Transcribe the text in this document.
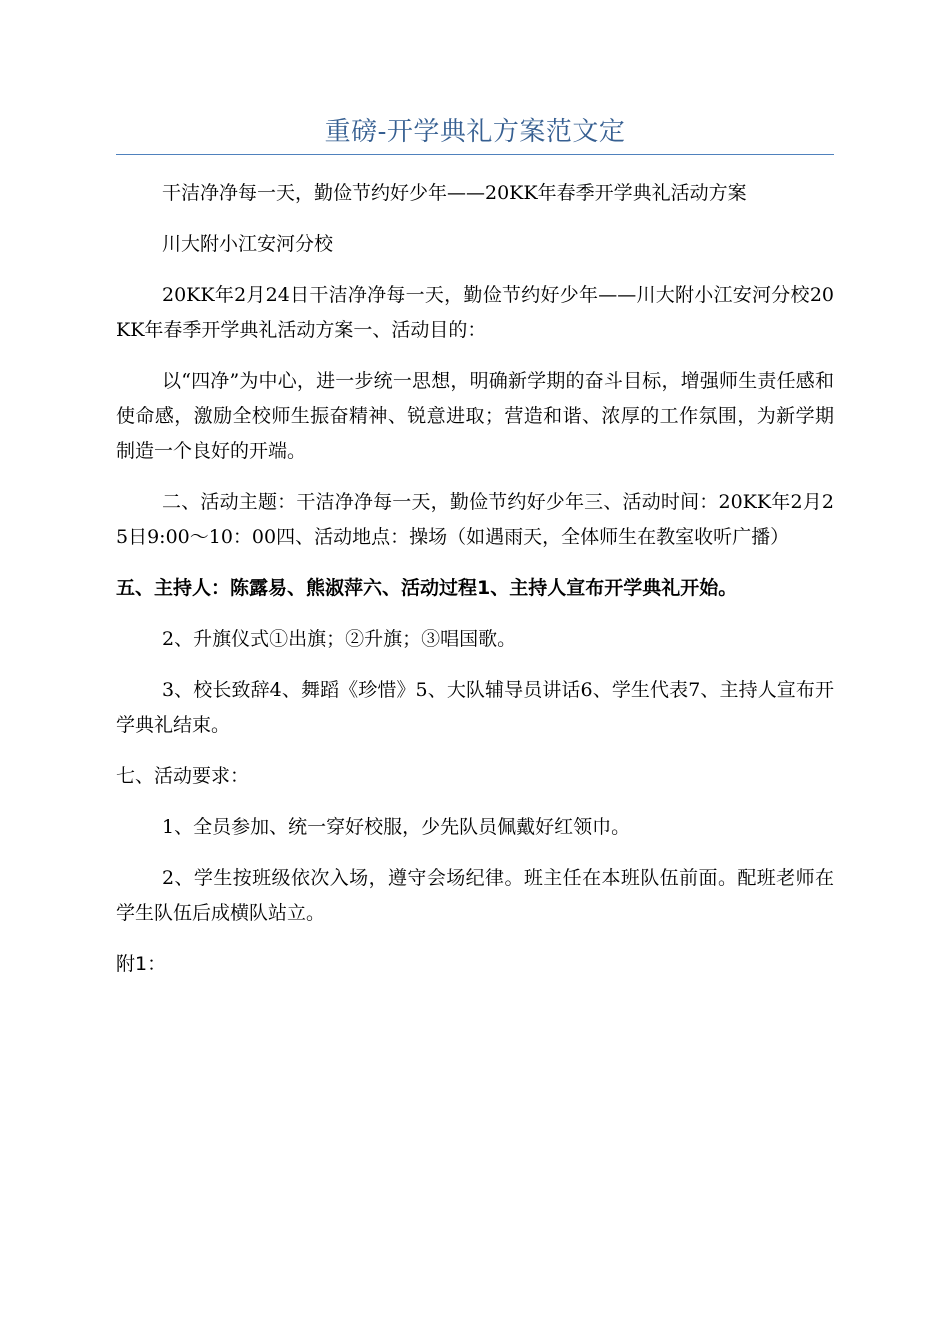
重磅-开学典礼方案范文定

干洁净净每一天，勤俭节约好少年——20KK年春季开学典礼活动方案

川大附小江安河分校

20KK年2月24日干洁净净每一天，勤俭节约好少年——川大附小江安河分校20KK年春季开学典礼活动方案一、活动目的：

以“四净”为中心，进一步统一思想，明确新学期的奋斗目标，增强师生责任感和使命感，激励全校师生振奋精神、锐意进取；营造和谐、浓厚的工作氛围，为新学期制造一个良好的开端。

二、活动主题：干洁净净每一天，勤俭节约好少年三、活动时间：20KK年2月25日9:00～10：00四、活动地点：操场（如遇雨天，全体师生在教室收听广播）

五、主持人：陈露易、熊淑萍六、活动过程1、主持人宣布开学典礼开始。

2、升旗仪式①出旗；②升旗；③唱国歌。

3、校长致辞4、舞蹈《珍惜》5、大队辅导员讲话6、学生代表7、主持人宣布开学典礼结束。

七、活动要求：

1、全员参加、统一穿好校服，少先队员佩戴好红领巾。

2、学生按班级依次入场，遵守会场纪律。班主任在本班队伍前面。配班老师在学生队伍后成横队站立。

附1：
